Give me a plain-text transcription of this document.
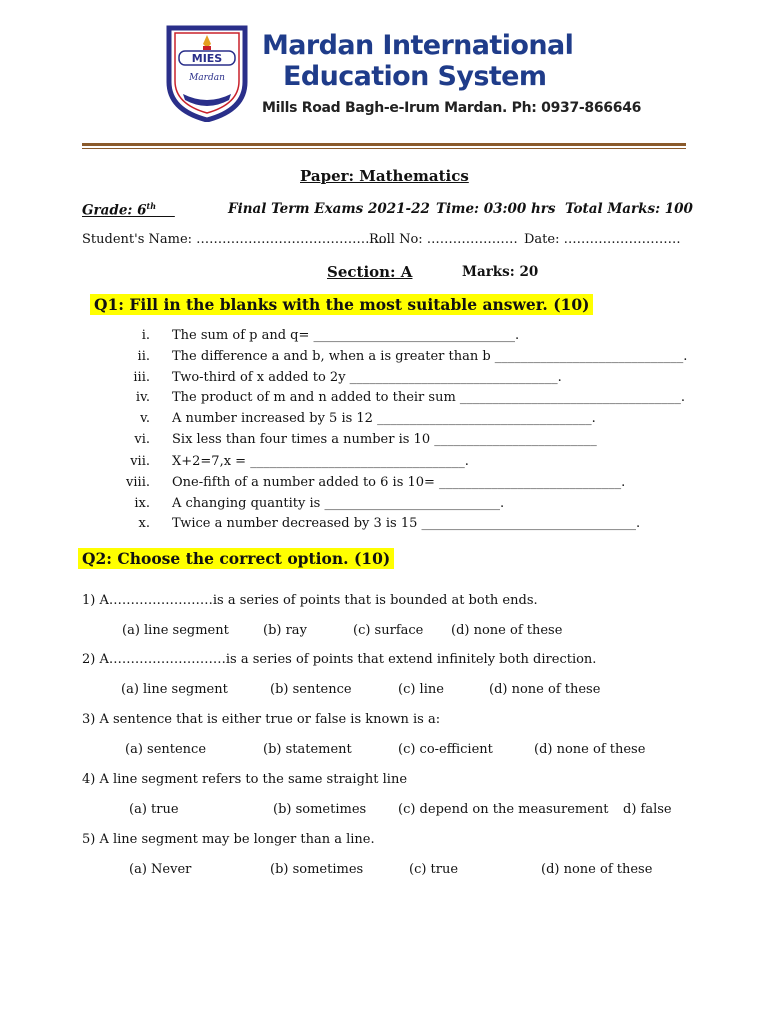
MIES
Mardan
Mardan International
Education System
Mills Road Bagh-e-Irum Mardan. Ph: 0937-866646
Paper: Mathematics
Grade: 6th	Final Term Exams 2021-22 Time: 03:00 hrs Total Marks: 100
Student's Name: ………………………………………
Roll No: ………………… Date: ………………………
Section: A	Marks: 20
Q1: Fill in the blanks with the most suitable answer. (10)
i. The sum of p and q= _______________________________.
ii. The difference a and b, when a is greater than b _____________________________.
iii. Two-third of x added to 2y ________________________________.
iv. The product of m and n added to their sum __________________________________.
v. A number increased by 5 is 12 _________________________________.
vi. Six less than four times a number is 10 _________________________
vii. X+2=7,x = _________________________________.
viii. One-fifth of a number added to 6 is 10= ____________________________.
ix. A changing quantity is ___________________________.
x. Twice a number decreased by 3 is 15 _________________________________.
Q2: Choose the correct option. (10)
1) A……………………is a series of points that is bounded at both ends.
(a) line segment	(b) ray	(c) surface (d) none of these
2) A………………………is a series of points that extend infinitely both direction.
(a) line segment	(b) sentence	(c) line	(d) none of these
3) A sentence that is either true or false is known is a:
(a) sentence	(b) statement	(c) co-efficient	(d) none of these
4) A line segment refers to the same straight line
(a) true	(b) sometimes (c) depend on the measurement d) false
5) A line segment may be longer than a line.
(a) Never	(b) sometimes	(c) true	(d) none of these
